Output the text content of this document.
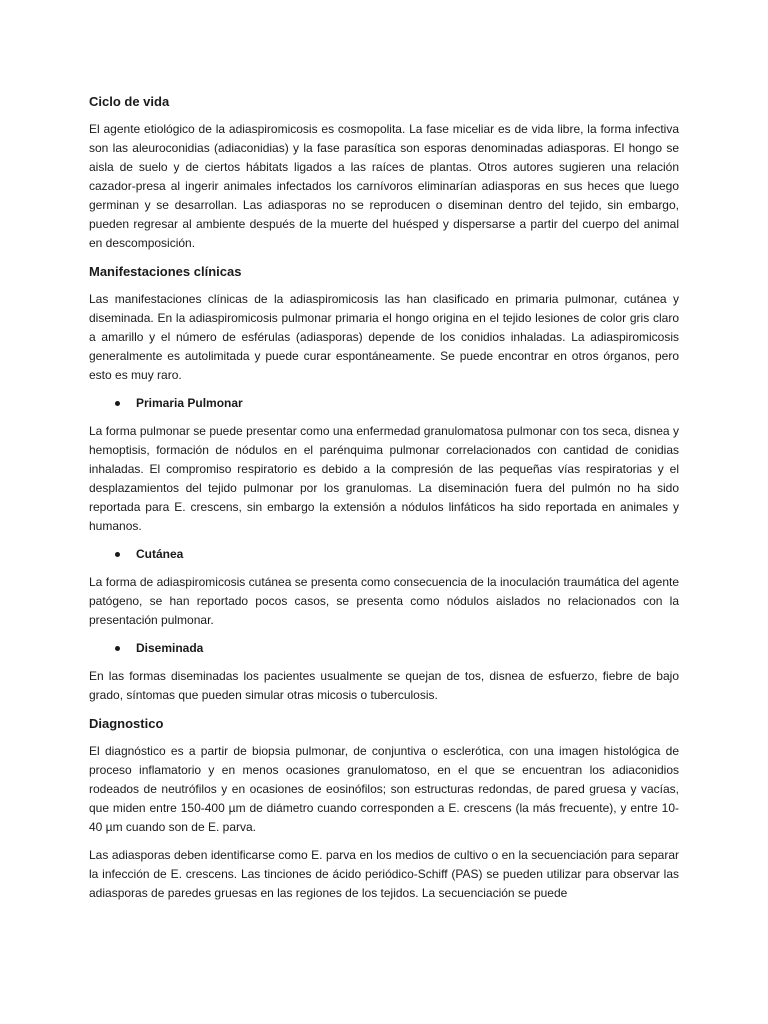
Ciclo de vida

El agente etiológico de la adiaspiromicosis es cosmopolita. La fase miceliar es de vida libre, la forma infectiva son las aleuroconidias (adiaconidias) y la fase parasítica son esporas denominadas adiasporas. El hongo se aisla de suelo y de ciertos hábitats ligados a las raíces de plantas. Otros autores sugieren una relación cazador-presa al ingerir animales infectados los carnívoros eliminarían adiasporas en sus heces que luego germinan y se desarrollan. Las adiasporas no se reproducen o diseminan dentro del tejido, sin embargo, pueden regresar al ambiente después de la muerte del huésped y dispersarse a partir del cuerpo del animal en descomposición.

Manifestaciones clínicas

Las manifestaciones clínicas de la adiaspiromicosis las han clasificado en primaria pulmonar, cutánea y diseminada. En la adiaspiromicosis pulmonar primaria el hongo origina en el tejido lesiones de color gris claro a amarillo y el número de esférulas (adiasporas) depende de los conidios inhaladas. La adiaspiromicosis generalmente es autolimitada y puede curar espontáneamente. Se puede encontrar en otros órganos, pero esto es muy raro.

Primaria Pulmonar

La forma pulmonar se puede presentar como una enfermedad granulomatosa pulmonar con tos seca, disnea y hemoptisis, formación de nódulos en el parénquima pulmonar correlacionados con cantidad de conidias inhaladas. El compromiso respiratorio es debido a la compresión de las pequeñas vías respiratorias y el desplazamientos del tejido pulmonar por los granulomas. La diseminación fuera del pulmón no ha sido reportada para E. crescens, sin embargo la extensión a nódulos linfáticos ha sido reportada en animales y humanos.

Cutánea

La forma de adiaspiromicosis cutánea se presenta como consecuencia de la inoculación traumática del agente patógeno, se han reportado pocos casos, se presenta como nódulos aislados no relacionados con la presentación pulmonar.

Diseminada

En las formas diseminadas los pacientes usualmente se quejan de tos, disnea de esfuerzo, fiebre de bajo grado, síntomas que pueden simular otras micosis o tuberculosis.

Diagnostico

El diagnóstico es a partir de biopsia pulmonar, de conjuntiva o esclerótica, con una imagen histológica de proceso inflamatorio y en menos ocasiones granulomatoso, en el que se encuentran los adiaconidios rodeados de neutrófilos y en ocasiones de eosinófilos; son estructuras redondas, de pared gruesa y vacías, que miden entre 150-400 µm de diámetro cuando corresponden a E. crescens (la más frecuente), y entre 10-40 µm cuando son de E. parva.

Las adiasporas deben identificarse como E. parva en los medios de cultivo o en la secuenciación para separar la infección de E. crescens. Las tinciones de ácido periódico-Schiff (PAS) se pueden utilizar para observar las adiasporas de paredes gruesas en las regiones de los tejidos. La secuenciación se puede
